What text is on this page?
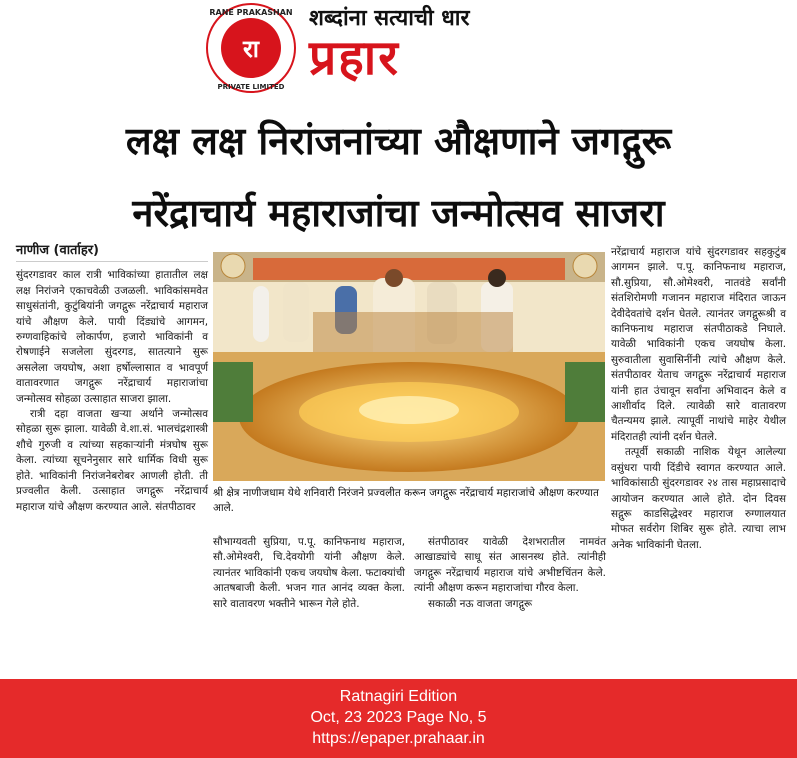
रा
RANE PRAKASHAN
PRIVATE LIMITED
शब्दांना सत्याची धार
प्रहार
लक्ष लक्ष निरांजनांच्या औक्षणाने जगद्गुरू
नरेंद्राचार्य महाराजांचा जन्मोत्सव साजरा
नाणीज (वार्ताहर)

सुंदरगडावर काल रात्री भाविकांच्या हातातील लक्ष लक्ष निरांजने एकाचवेळी उजळली. भाविकांसमवेत साधुसंतांनी, कुटुंबियांनी जगद्गुरू नरेंद्राचार्य महाराज यांचे औक्षण केले. पायी दिंड्यांचे आगमन, रुग्णवाहिकांचे लोकार्पण, हजारो भाविकांनी व रोषणाईने सजलेला सुंदरगड, सातत्याने सुरू असलेला जयघोष, अशा हर्षोल्लासात व भावपूर्ण वातावरणात जगद्गुरू नरेंद्राचार्य महाराजांचा जन्मोत्सव सोहळा उत्साहात साजरा झाला.

रात्री दहा वाजता खऱ्या अर्थाने जन्मोत्सव सोहळा सुरू झाला. यावेळी वे.शा.सं. भालचंद्रशास्त्री शौचे गुरुजी व त्यांच्या सहकाऱ्यांनी मंत्रघोष सुरू केला. त्यांच्या सूचनेनुसार सारे धार्मिक विधी सुरू होते. भाविकांनी निरांजनेबरोबर आणली होती. ती प्रज्वलीत केली. उत्साहात जगद्गुरू नरेंद्राचार्य महाराज यांचे औक्षण करण्यात आले. संतपीठावर

श्री क्षेत्र नाणीजधाम येथे शनिवारी निरंजने प्रज्वलीत करून जगद्गुरू नरेंद्राचार्य महाराजांचे औक्षण करण्यात आले.

सौभाग्यवती सुप्रिया, प.पू. कानिफनाथ महाराज, सौ.ओमेश्वरी, चि.देवयोगी यांनी औक्षण केले. त्यानंतर भाविकांनी एकच जयघोष केला. फटाक्यांची आतषबाजी केली. भजन गात आनंद व्यक्त केला. सारे वातावरण भक्तीने भारून गेले होते.

संतपीठावर यावेळी देशभरातील नामवंत आखाड्यांचे साधू संत आसनस्थ होते. त्यांनीही जगद्गुरू नरेंद्राचार्य महाराज यांचे अभीष्टचिंतन केले. त्यांनी औक्षण करून महाराजांचा गौरव केला.

सकाळी नऊ वाजता जगद्गुरू

नरेंद्राचार्य महाराज यांचे सुंदरगडावर सहकुटुंब आगमन झाले. प.पू. कानिफनाथ महाराज, सौ.सुप्रिया, सौ.ओमेश्वरी, नातवंडे सर्वांनी संतशिरोमणी गजानन महाराज मंदिरात जाऊन देवीदेवतांचे दर्शन घेतले. त्यानंतर जगद्गुरूश्री व कानिफनाथ महाराज संतपीठाकडे निघाले. यावेळी भाविकांनी एकच जयघोष केला. सुरुवातीला सुवासिनींनी त्यांचे औक्षण केले. संतपीठावर येताच जगद्गुरू नरेंद्राचार्य महाराज यांनी हात उंचावून सर्वांना अभिवादन केले व आशीर्वाद दिले. त्यावेळी सारे वातावरण चैतन्यमय झाले. त्यापूर्वी नाथांचे माहेर येथील मंदिरातही त्यांनी दर्शन घेतले.

तत्पूर्वी सकाळी नाशिक येथून आलेल्या वसुंधरा पायी दिंडीचे स्वागत करण्यात आले. भाविकांसाठी सुंदरगडावर २४ तास महाप्रसादाचे आयोजन करण्यात आले होते. दोन दिवस सद्गुरू काडसिद्धेश्वर महाराज रुग्णालयात मोफत सर्वरोग शिबिर सुरू होते. त्याचा लाभ अनेक भाविकांनी घेतला.

Ratnagiri Edition
Oct, 23 2023 Page No, 5
https://epaper.prahaar.in
